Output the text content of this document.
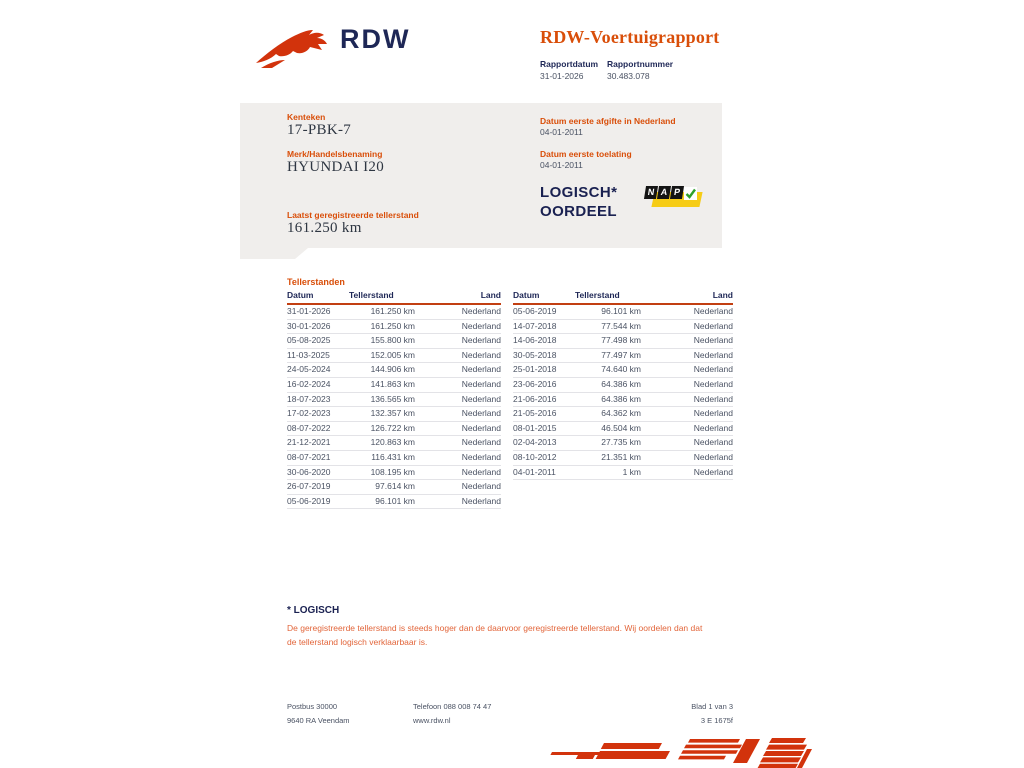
RDW	RDW-Voertuigrapport
Rapportdatum	Rapportnummer
31-01-2026	30.483.078
Kenteken
17-PBK-7
Merk/Handelsbenaming
HYUNDAI I20
Laatst geregistreerde tellerstand
161.250 km
Datum eerste afgifte in Nederland
04-01-2011
Datum eerste toelating
04-01-2011
LOGISCH*
OORDEEL
N A P
Tellerstanden
Datum	Tellerstand	Land
31-01-2026	161.250 km	Nederland
30-01-2026	161.250 km	Nederland
05-08-2025	155.800 km	Nederland
11-03-2025	152.005 km	Nederland
24-05-2024	144.906 km	Nederland
16-02-2024	141.863 km	Nederland
18-07-2023	136.565 km	Nederland
17-02-2023	132.357 km	Nederland
08-07-2022	126.722 km	Nederland
21-12-2021	120.863 km	Nederland
08-07-2021	116.431 km	Nederland
30-06-2020	108.195 km	Nederland
26-07-2019	97.614 km	Nederland
05-06-2019	96.101 km	Nederland
Datum	Tellerstand	Land
05-06-2019	96.101 km	Nederland
14-07-2018	77.544 km	Nederland
14-06-2018	77.498 km	Nederland
30-05-2018	77.497 km	Nederland
25-01-2018	74.640 km	Nederland
23-06-2016	64.386 km	Nederland
21-06-2016	64.386 km	Nederland
21-05-2016	64.362 km	Nederland
08-01-2015	46.504 km	Nederland
02-04-2013	27.735 km	Nederland
08-10-2012	21.351 km	Nederland
04-01-2011	1 km	Nederland
* LOGISCH
De geregistreerde tellerstand is steeds hoger dan de daarvoor geregistreerde tellerstand. Wij oordelen dan dat de tellerstand logisch verklaarbaar is.
Postbus 30000
9640 RA Veendam
Telefoon 088 008 74 47
www.rdw.nl
Blad 1 van 3
3 E 1675f
